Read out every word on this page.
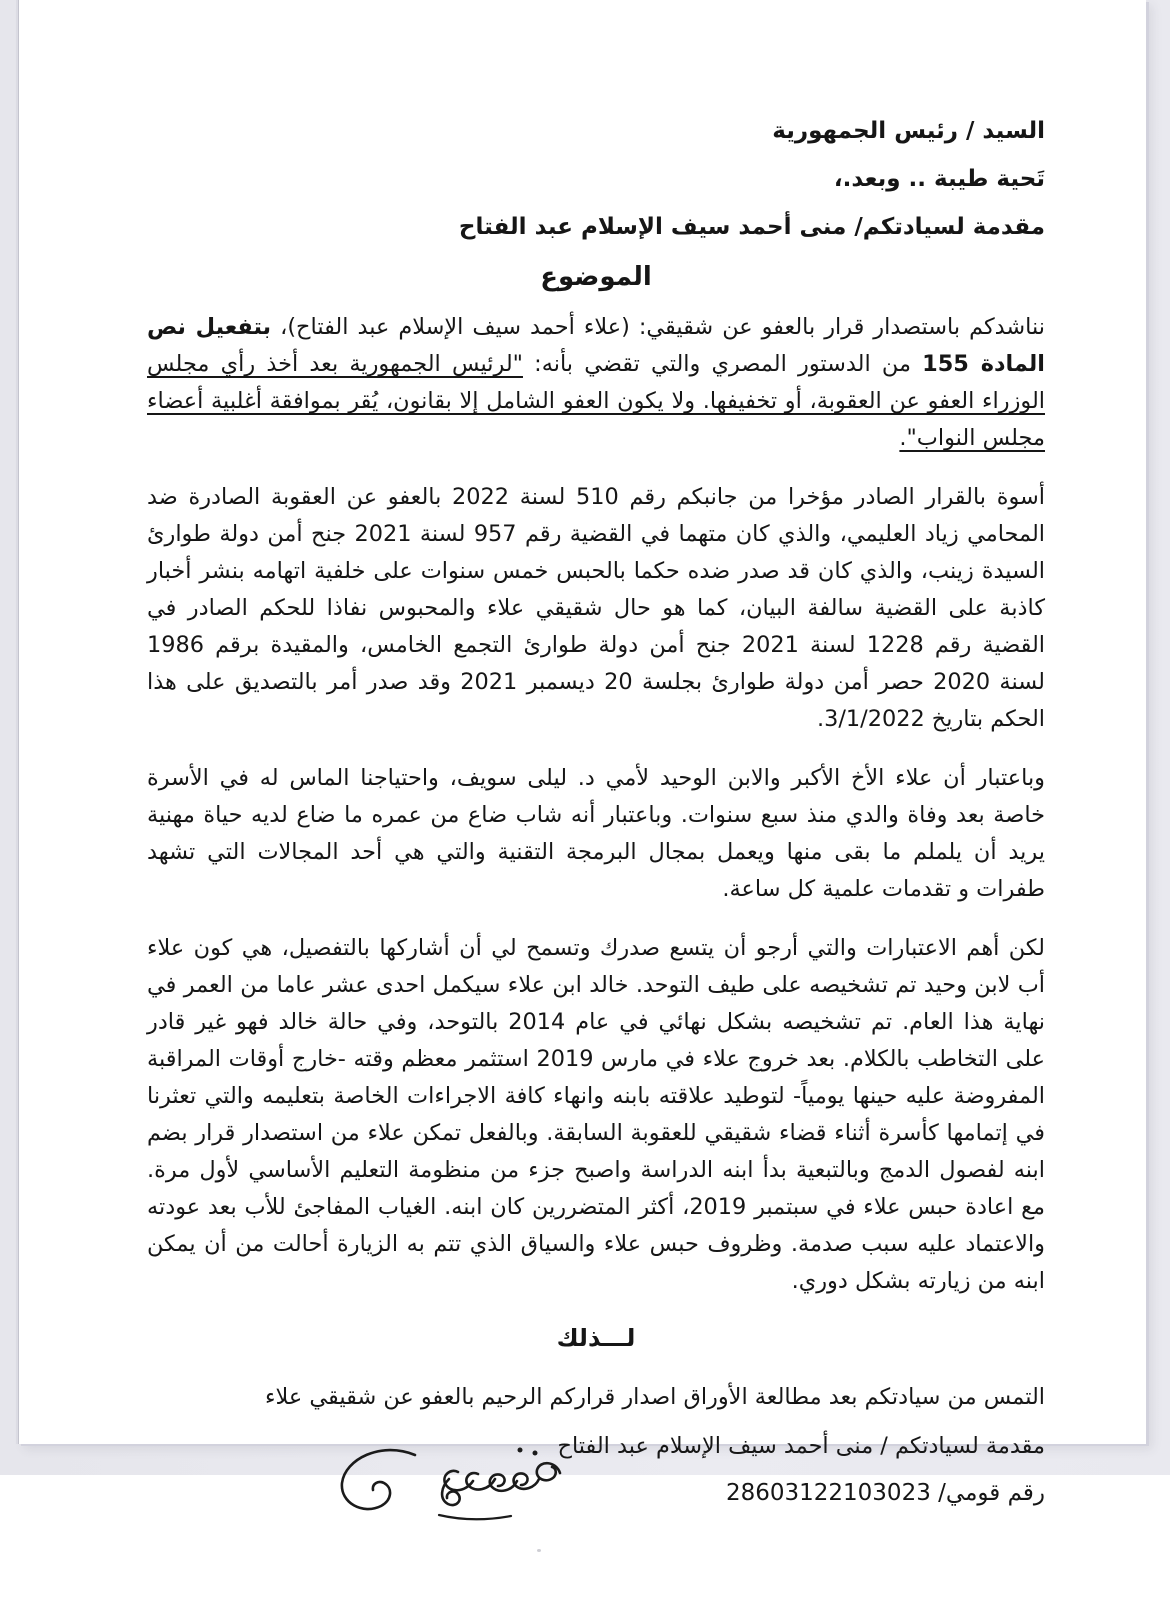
السيد / رئيس الجمهورية

تَحية طيبة .. وبعد.،

مقدمة لسيادتكم/ منى أحمد سيف الإسلام عبد الفتاح

الموضوع

نناشدكم باستصدار قرار بالعفو عن شقيقي: (علاء أحمد سيف الإسلام عبد الفتاح)، بتفعيل نص المادة 155 من الدستور المصري والتي تقضي بأنه: "لرئيس الجمهورية بعد أخذ رأي مجلس الوزراء العفو عن العقوبة، أو تخفيفها. ولا يكون العفو الشامل إلا بقانون، يُقر بموافقة أغلبية أعضاء مجلس النواب".

أسوة بالقرار الصادر مؤخرا من جانبكم رقم 510 لسنة 2022 بالعفو عن العقوبة الصادرة ضد المحامي زياد العليمي، والذي كان متهما في القضية رقم 957 لسنة 2021 جنح أمن دولة طوارئ السيدة زينب، والذي كان قد صدر ضده حكما بالحبس خمس سنوات على خلفية اتهامه بنشر أخبار كاذبة على القضية سالفة البيان، كما هو حال شقيقي علاء والمحبوس نفاذا للحكم الصادر في القضية رقم 1228 لسنة 2021 جنح أمن دولة طوارئ التجمع الخامس، والمقيدة برقم 1986 لسنة 2020 حصر أمن دولة طوارئ بجلسة 20 ديسمبر 2021 وقد صدر أمر بالتصديق على هذا الحكم بتاريخ 3/1/2022.

وباعتبار أن علاء الأخ الأكبر والابن الوحيد لأمي د. ليلى سويف، واحتياجنا الماس له في الأسرة خاصة بعد وفاة والدي منذ سبع سنوات. وباعتبار أنه شاب ضاع من عمره ما ضاع لديه حياة مهنية يريد أن يلملم ما بقى منها ويعمل بمجال البرمجة التقنية والتي هي أحد المجالات التي تشهد طفرات و تقدمات علمية كل ساعة.

لكن أهم الاعتبارات والتي أرجو أن يتسع صدرك وتسمح لي أن أشاركها بالتفصيل، هي كون علاء أب لابن وحيد تم تشخيصه على طيف التوحد. خالد ابن علاء سيكمل احدى عشر عاما من العمر في نهاية هذا العام. تم تشخيصه بشكل نهائي في عام 2014 بالتوحد، وفي حالة خالد فهو غير قادر على التخاطب بالكلام. بعد خروج علاء في مارس 2019 استثمر معظم وقته -خارج أوقات المراقبة المفروضة عليه حينها يومياً- لتوطيد علاقته بابنه وانهاء كافة الاجراءات الخاصة بتعليمه والتي تعثرنا في إتمامها كأسرة أثناء قضاء شقيقي للعقوبة السابقة. وبالفعل تمكن علاء من استصدار قرار بضم ابنه لفصول الدمج وبالتبعية بدأ ابنه الدراسة واصبح جزء من منظومة التعليم الأساسي لأول مرة. مع اعادة حبس علاء في سبتمبر 2019، أكثر المتضررين كان ابنه. الغياب المفاجئ للأب بعد عودته والاعتماد عليه سبب صدمة. وظروف حبس علاء والسياق الذي تتم به الزيارة أحالت من أن يمكن ابنه من زيارته بشكل دوري.

لـــذلك

التمس من سيادتكم بعد مطالعة الأوراق اصدار قراركم الرحيم بالعفو عن شقيقي علاء

مقدمة لسيادتكم / منى أحمد سيف الإسلام عبد الفتاح

رقم قومي/ 28603122103023
